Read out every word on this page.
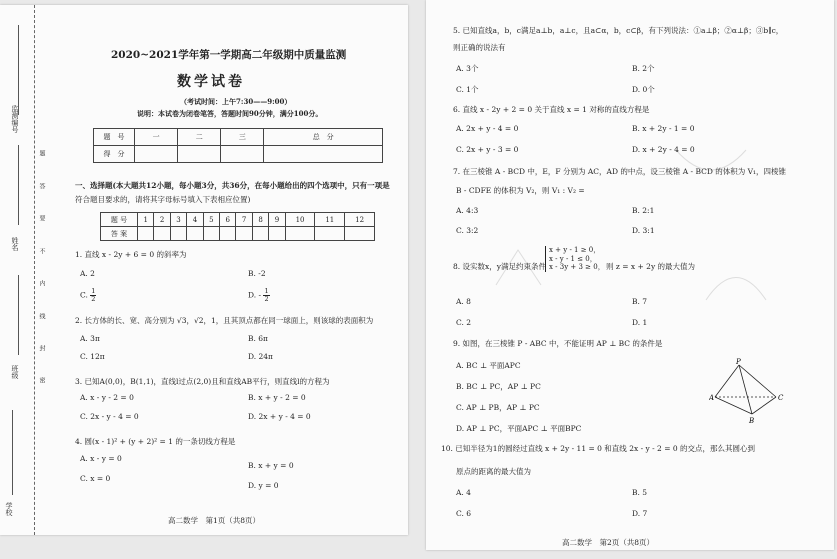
监测编号
姓名
班级
学校
题
答
要
不
内
线
封
密
2020~2021学年第一学期高二年级期中质量监测
数学试卷
（考试时间：上午7:30——9:00）
说明：本试卷为闭卷笔答，答题时间90分钟，满分100分。
题　号	一	二	三	总　分
得　分				
一、选择题(本大题共12小题，每小题3分，共36分，在每小题给出的四个选项中，只有一项是
符合题目要求的，请将其字母标号填入下表相应位置)
题 号	1	2	3	4	5	6	7	8	9	10	11	12
答 案												
1. 直线 x - 2y + 6 = 0 的斜率为
A. 2	B. -2
C. $\frac{1}{2}$	D. - $\frac{1}{2}$
2. 长方体的长、宽、高分别为 √3，√2，1，且其顶点都在同一球面上，则该球的表面积为
A. 3π	B. 6π
C. 12π	D. 24π
3. 已知A(0,0)，B(1,1)，直线l过点(2,0)且和直线AB平行，则直线l的方程为
A. x - y - 2 = 0	B. x + y - 2 = 0
C. 2x - y - 4 = 0	D. 2x + y - 4 = 0
4. 圆(x - 1)² + (y + 2)² = 1 的一条切线方程是
A. x - y = 0
B. x + y = 0
C. x = 0
D. y = 0
高二数学　第1页（共8页）
5. 已知直线a，b，c满足a⊥b，a⊥c，且a⊂α，b，c⊂β，有下列说法：①a⊥β；②α⊥β；③b∥c，
则正确的说法有
A. 3个	B. 2个
C. 1个	D. 0个
6. 直线 x - 2y + 2 = 0 关于直线 x = 1 对称的直线方程是
A. 2x + y - 4 = 0	B. x + 2y - 1 = 0
C. 2x + y - 3 = 0	D. x + 2y - 4 = 0
7. 在三棱锥 A - BCD 中，E，F 分别为 AC，AD 的中点，设三棱锥 A - BCD 的体积为 V₁，四棱锥
B - CDFE 的体积为 V₂，则 V₁ : V₂ =
A. 4:3	B. 2:1
C. 3:2	D. 3:1
8. 设实数x，y满足约束条件
x + y - 1 ≥ 0，
x - y - 1 ≤ 0，
x - 3y + 3 ≥ 0， 则 z = x + 2y 的最大值为
A. 8	B. 7
C. 2	D. 1
9. 如图，在三棱锥 P - ABC 中，不能证明 AP ⊥ BC 的条件是
A. BC ⊥ 平面APC
B. BC ⊥ PC，AP ⊥ PC
C. AP ⊥ PB，AP ⊥ PC
D. AP ⊥ PC，平面APC ⊥ 平面BPC
P
A	C
B
10. 已知半径为1的圆经过直线 x + 2y - 11 = 0 和直线 2x - y - 2 = 0 的交点，那么其圆心到
原点的距离的最大值为
A. 4	B. 5
C. 6	D. 7
高二数学　第2页（共8页）
